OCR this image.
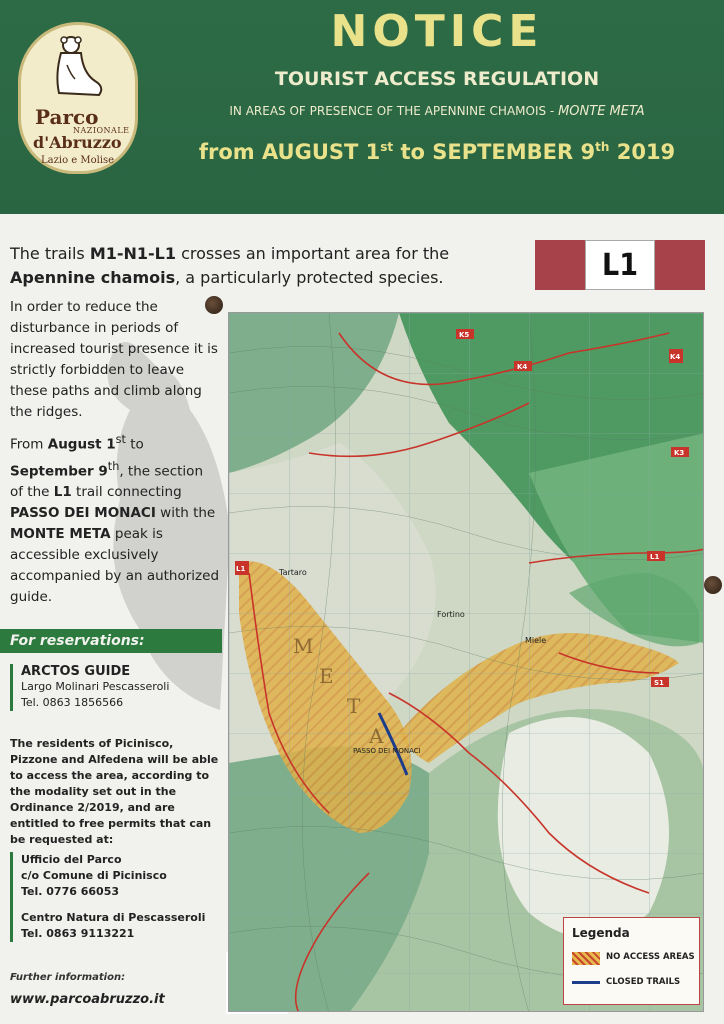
Parco
NAZIONALE
d'Abruzzo
Lazio e Molise
NOTICE
TOURIST ACCESS REGULATION
IN AREAS OF PRESENCE OF THE APENNINE CHAMOIS - MONTE META
from AUGUST 1st to SEPTEMBER 9th 2019
The trails M1-N1-L1 crosses an important area for the Apennine chamois, a particularly protected species.	L1

In order to reduce the disturbance in periods of increased tourist presence it is strictly forbidden to leave these paths and climb along the ridges.

From August 1st to September 9th, the section of the L1 trail connecting PASSO DEI MONACI with the MONTE META peak is accessible exclusively accompanied by an authorized guide.

For reservations:
ARCTOS GUIDE
Largo Molinari Pescasseroli
Tel. 0863 1856566
The residents of Picinisco, Pizzone and Alfedena will be able to access the area, according to the modality set out in the Ordinance 2/2019, and are entitled to free permits that can be requested at:
Ufficio del Parco
c/o Comune di Picinisco
Tel. 0776 66053
Centro Natura di Pescasseroli
Tel. 0863 9113221
Further information:
www.parcoabruzzo.it
K5
K4
K4
K3
L1
L1
S1
M
E
T
A
Tartaro
Fortino
Miele
PASSO DEI MONACI
Legenda
NO ACCESS AREAS
CLOSED TRAILS
